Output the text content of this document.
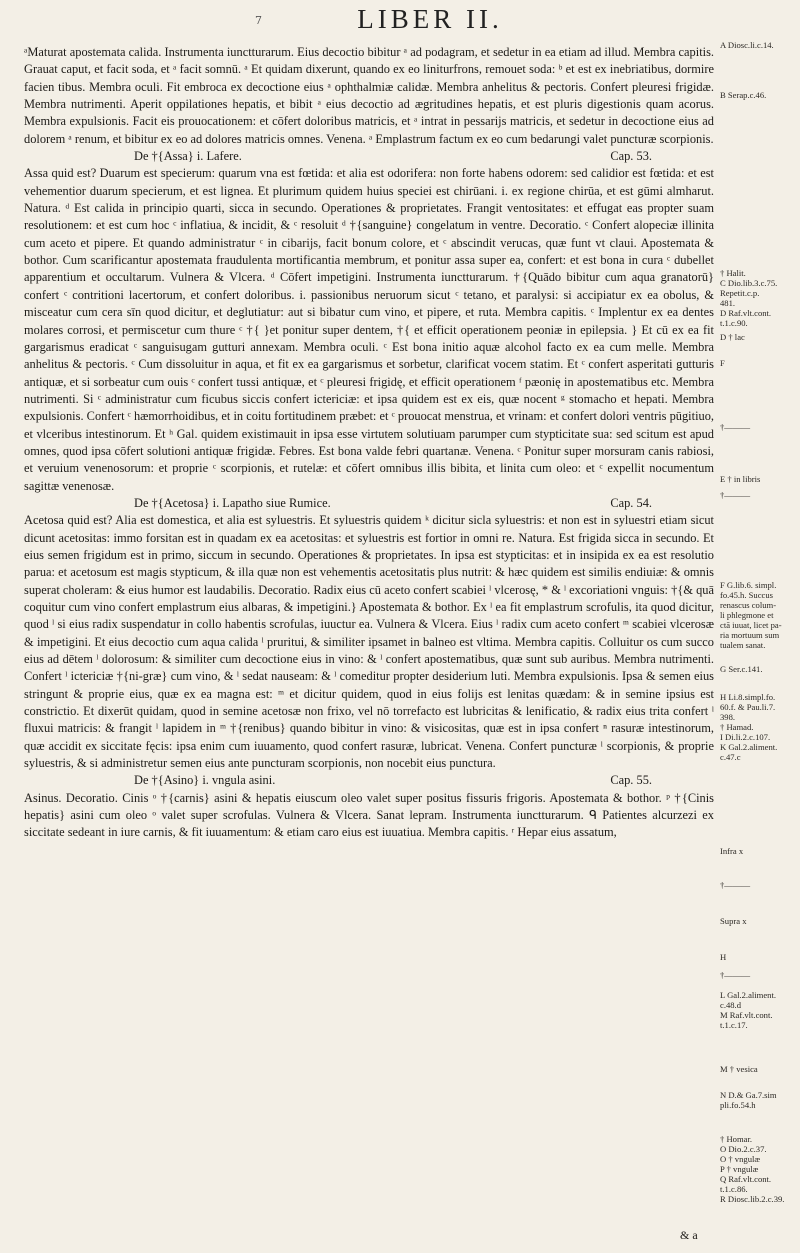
7	LIBER II.

ᵃMaturat apostemata calida. Instrumenta iunctturarum. Eius decoctio bibitur ᵃ ad podagram, et sedetur in ea etiam ad illud. Membra capitis. Grauat caput, et facit soda, et ᵃ facit somnū. ᵃ Et quidam dixerunt, quando ex eo liniturfrons, remouet soda: ᵇ et est ex inebriatibus, dormire facien tibus. Membra oculi. Fit embroca ex decoctione eius ᵃ ophthalmiæ calidæ. Membra anhelitus & pectoris. Confert pleuresi frigidæ. Membra nutrimenti. Aperit oppilationes hepatis, et bibit ᵃ eius decoctio ad ægritudines hepatis, et est pluris digestionis quam acorus. Membra expulsionis. Facit eis prouocationem: et cōfert doloribus matricis, et ᵃ intrat in pessarijs matricis, et sedetur in decoctione eius ad dolorem ᵃ renum, et bibitur ex eo ad dolores matricis omnes. Venena. ᵃ Emplastrum factum ex eo cum bedarungi valet puncturæ scorpionis.

De †{Assa} i. Lafere.	Cap. 53.

Assa quid est? Duarum est specierum: quarum vna est fœtida: et alia est odorifera: non forte habens odorem: sed calidior est fœtida: et est vehementior duarum specierum, et est lignea. Et plurimum quidem huius speciei est chirūani. i. ex regione chirūa, et est gūmi almharut. Natura. ᵈ Est calida in principio quarti, sicca in secundo. Operationes & proprietates. Frangit ventositates: et effugat eas propter suam resolutionem: et est cum hoc ᶜ inflatiua, & incidit, & ᶜ resoluit ᵈ †{sanguine} congelatum in ventre. Decoratio. ᶜ Confert alopeciæ illinita cum aceto et pipere. Et quando administratur ᶜ in cibarijs, facit bonum colore, et ᶜ abscindit verucas, quæ funt vt claui. Apostemata & bothor. Cum scarificantur apostemata fraudulenta mortificantia membrum, et ponitur assa super ea, confert: et est bona in cura ᶜ dubellet apparentium et occultarum. Vulnera & Vlcera. ᵈ Cōfert impetigini. Instrumenta iunctturarum. †{Quādo bibitur cum aqua granatorū} confert ᶜ contritioni lacertorum, et confert doloribus. i. passionibus neruorum sicut ᶜ tetano, et paralysi: si accipiatur ex ea obolus, & misceatur cum cera sīn quod dicitur, et deglutiatur: aut si bibatur cum vino, et pipere, et ruta. Membra capitis. ᶜ Implentur ex ea dentes molares corrosi, et permiscetur cum thure ᶜ †{ }et ponitur super dentem, †{ et efficit operationem peoniæ in epilepsia. } Et cū ex ea fit gargarismus eradicat ᶜ sanguisugam gutturi annexam. Membra oculi. ᶜ Est bona initio aquæ alcohol facto ex ea cum melle. Membra anhelitus & pectoris. ᶜ Cum dissoluitur in aqua, et fit ex ea gargarismus et sorbetur, clarificat vocem statim. Et ᶜ confert asperitati gutturis antiquæ, et si sorbeatur cum ouis ᶜ confert tussi antiquæ, et ᶜ pleuresi frigidę, et efficit operationem ᶠ pæonię in apostematibus etc. Membra nutrimenti. Si ᶜ administratur cum ficubus siccis confert ictericiæ: et ipsa quidem est ex eis, quæ nocent ᵍ stomacho et hepati. Membra expulsionis. Confert ᶜ hæmorrhoidibus, et in coitu fortitudinem præbet: et ᶜ prouocat menstrua, et vrinam: et confert dolori ventris pūgitiuo, et vlceribus intestinorum. Et ʰ Gal. quidem existimauit in ipsa esse virtutem solutiuam parumper cum stypticitate sua: sed scitum est apud omnes, quod ipsa cōfert solutioni antiquæ frigidæ. Febres. Est bona valde febri quartanæ. Venena. ᶜ Ponitur super morsuram canis rabiosi, et veruium venenosorum: et proprie ᶜ scorpionis, et rutelæ: et cōfert omnibus illis bibita, et linita cum oleo: et ᶜ expellit nocumentum sagittæ venenosæ.

De †{Acetosa} i. Lapatho siue Rumice.	Cap. 54.

Acetosa quid est? Alia est domestica, et alia est syluestris. Et syluestris quidem ᵏ dicitur sicla syluestris: et non est in syluestri etiam sicut dicunt acetositas: immo forsitan est in quadam ex ea acetositas: et syluestris est fortior in omni re. Natura. Est frigida sicca in secundo. Et eius semen frigidum est in primo, siccum in secundo. Operationes & proprietates. In ipsa est stypticitas: et in insipida ex ea est resolutio parua: et acetosum est magis stypticum, & illa quæ non est vehementis acetositatis plus nutrit: & hæc quidem est similis endiuiæ: & omnis superat choleram: & eius humor est laudabilis. Decoratio. Radix eius cū aceto confert scabiei ˡ vlcerosę, * & ˡ excoriationi vnguis: †{& quā coquitur cum vino confert emplastrum eius albaras, & impetigini.} Apostemata & bothor. Ex ˡ ea fit emplastrum scrofulis, ita quod dicitur, quod ˡ si eius radix suspendatur in collo habentis scrofulas, iuuctur ea. Vulnera & Vlcera. Eius ˡ radix cum aceto confert ᵐ scabiei vlcerosæ & impetigini. Et eius decoctio cum aqua calida ˡ pruritui, & similiter ipsamet in balneo est vltima. Membra capitis. Colluitur os cum succo eius ad dētem ˡ dolorosum: & similiter cum decoctione eius in vino: & ˡ confert apostematibus, quæ sunt sub auribus. Membra nutrimenti. Confert ˡ ictericiæ †{ni-græ} cum vino, & ˡ sedat nauseam: & ˡ comeditur propter desiderium luti. Membra expulsionis. Ipsa & semen eius stringunt & proprie eius, quæ ex ea magna est: ᵐ et dicitur quidem, quod in eius folijs est lenitas quædam: & in semine ipsius est constrictio. Et dixerūt quidam, quod in semine acetosæ non frixo, vel nō torrefacto est lubricitas & lenificatio, & radix eius trita confert ˡ fluxui matricis: & frangit ˡ lapidem in ᵐ †{renibus} quando bibitur in vino: & visicositas, quæ est in ipsa confert ⁿ rasuræ intestinorum, quæ accidit ex siccitate fęcis: ipsa enim cum iuuamento, quod confert rasuræ, lubricat. Venena. Confert puncturæ ˡ scorpionis, & proprie syluestris, & si administretur semen eius ante puncturam scorpionis, non nocebit eius punctura.

De †{Asino} i. vngula asini.	Cap. 55.

Asinus. Decoratio. Cinis ᵒ †{carnis} asini & hepatis eiuscum oleo valet super positus fissuris frigoris. Apostemata & bothor. ᵖ †{Cinis hepatis} asini cum oleo ᵒ valet super scrofulas. Vulnera & Vlcera. Sanat lepram. Instrumenta iunctturarum. ᑫ Patientes alcurzezi ex siccitate sedeant in iure carnis, & fit iuuamentum: & etiam caro eius est iuuatiua. Membra capitis. ʳ Hepar eius assatum,

A Diosc.li.c.14.
B Serap.c.46.
† Halit.
C Dio.lib.3.c.75.
Repetit.c.p.
481.
D Raf.vlt.cont.
t.1.c.90.
D † lac
F
†———
E † in libris
†———
F G.lib.6. simpl.
fo.45.h. Succus
renascus colum-
li phlegmone et
ctā iuuat, licet pa-
ria mortuum sum
tualem sanat.
G Ser.c.141.
H Li.8.simpl.fo.
60.f. & Pau.li.7.
398.
† Hamad.
I Di.li.2.c.107.
K Gal.2.aliment.
c.47.c
Infra x
†———
Supra x
H
†———
L Gal.2.aliment.
c.48.d
M Raf.vlt.cont.
t.1.c.17.
M † vesica
N D.& Ga.7.sim
pli.fo.54.h
† Homar.
O Dio.2.c.37.
O † vngulæ
P † vngulæ
Q Raf.vlt.cont.
t.1.c.86.
R Diosc.lib.2.c.39.
& a
